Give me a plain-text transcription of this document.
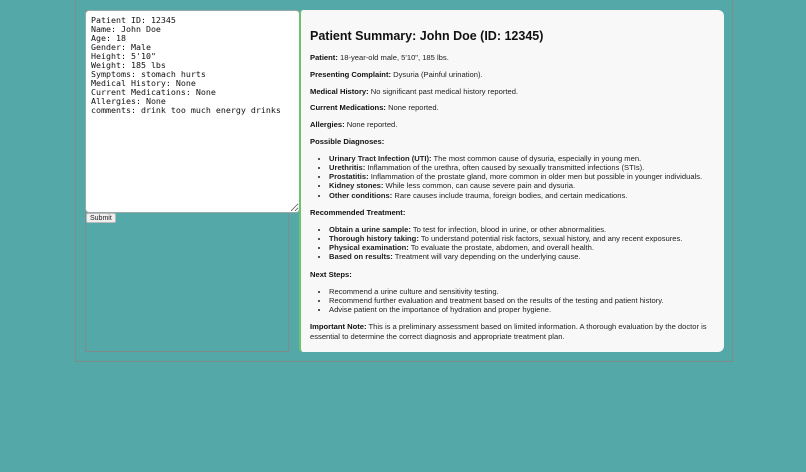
Patient ID: 12345 Name: John Doe Age: 18 Gender: Male Height: 5'10" Weight: 185 lbs Symptoms: stomach hurts Medical History: None Current Medications: None Allergies: None comments: drink too much energy drinks
Submit
Patient Summary: John Doe (ID: 12345)

Patient: 18-year-old male, 5'10", 185 lbs.

Presenting Complaint: Dysuria (Painful urination).

Medical History: No significant past medical history reported.

Current Medications: None reported.

Allergies: None reported.

Possible Diagnoses:

• Urinary Tract Infection (UTI): The most common cause of dysuria, especially in young men.
• Urethritis: Inflammation of the urethra, often caused by sexually transmitted infections (STIs).
• Prostatitis: Inflammation of the prostate gland, more common in older men but possible in younger individuals.
• Kidney stones: While less common, can cause severe pain and dysuria.
• Other conditions: Rare causes include trauma, foreign bodies, and certain medications.

Recommended Treatment:

• Obtain a urine sample: To test for infection, blood in urine, or other abnormalities.
• Thorough history taking: To understand potential risk factors, sexual history, and any recent exposures.
• Physical examination: To evaluate the prostate, abdomen, and overall health.
• Based on results: Treatment will vary depending on the underlying cause.

Next Steps:

• Recommend a urine culture and sensitivity testing.
• Recommend further evaluation and treatment based on the results of the testing and patient history.
• Advise patient on the importance of hydration and proper hygiene.

Important Note: This is a preliminary assessment based on limited information. A thorough evaluation by the doctor is essential to determine the correct diagnosis and appropriate treatment plan.
